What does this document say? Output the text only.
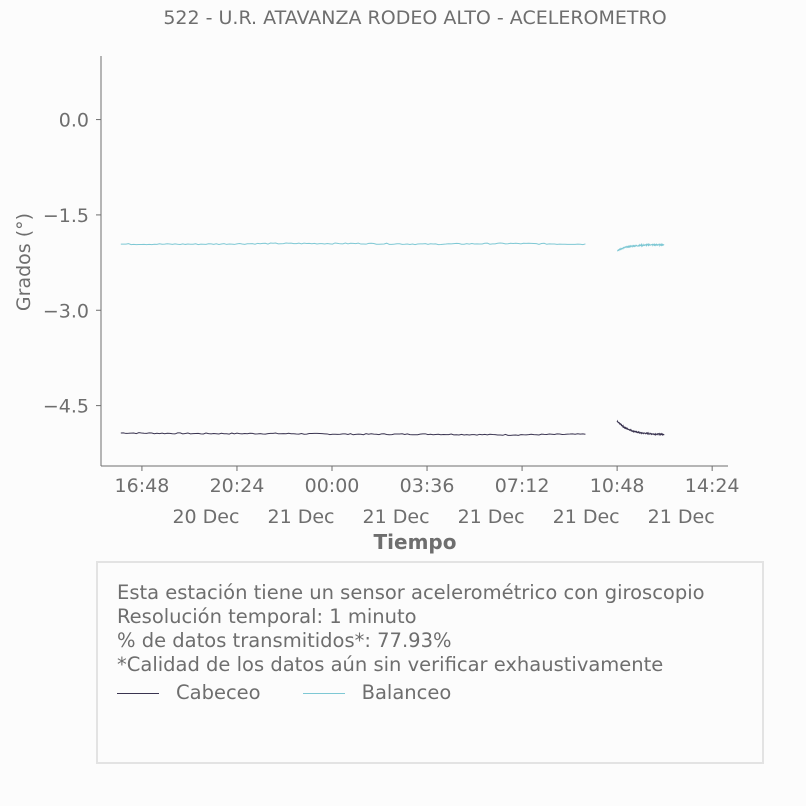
522 - U.R. ATAVANZA RODEO ALTO - ACELEROMETRO
0.0
−1.5
−3.0
−4.5
16:48 20:24
20 Dec
00:00
21 Dec
03:36
21 Dec
07:12
21 Dec
10:48
21 Dec
14:24
21 Dec
Grados (°)
Tiempo
Esta estación tiene un sensor acelerométrico con giroscopio
Resolución temporal: 1 minuto
% de datos transmitidos*: 77.93%
*Calidad de los datos aún sin verificar exhaustivamente
Cabeceo	Balanceo
